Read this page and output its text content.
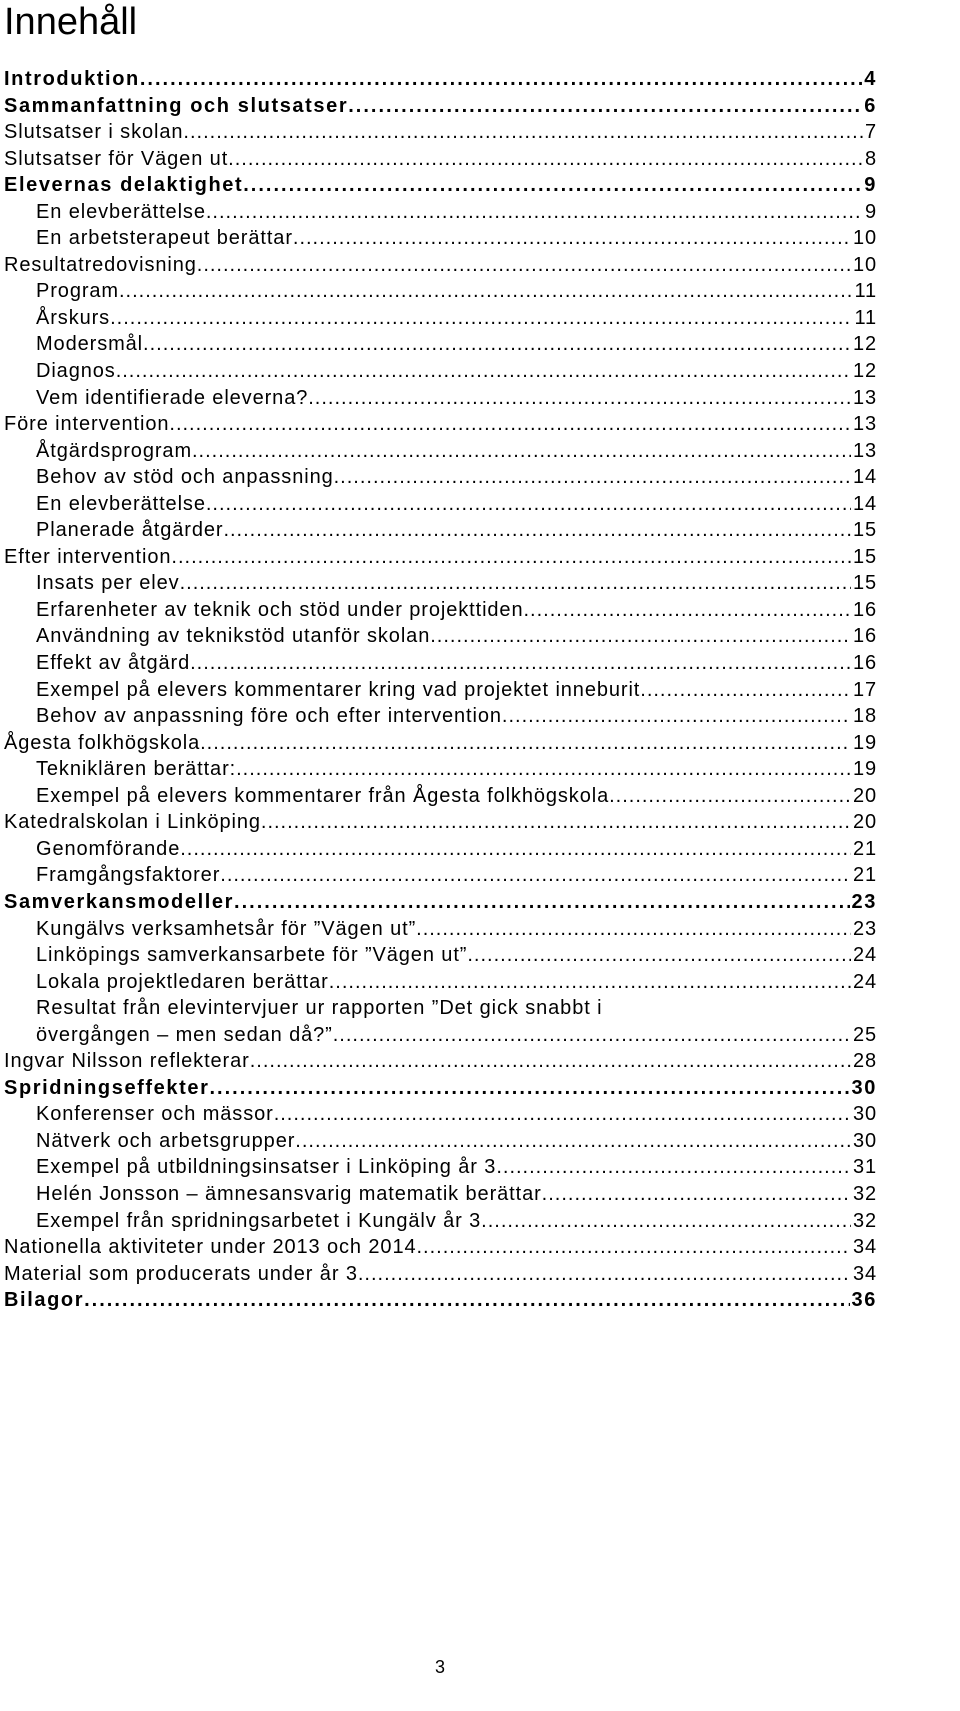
Innehåll
Introduktion .....	4
Sammanfattning och slutsatser .....	6
Slutsatser i skolan .....	7
Slutsatser för Vägen ut .....	8
Elevernas delaktighet .....	9
En elevberättelse .....	9
En arbetsterapeut berättar .....	10
Resultatredovisning .....	10
Program .....	11
Årskurs .....	11
Modersmål .....	12
Diagnos .....	12
Vem identifierade eleverna? .....	13
Före intervention .....	13
Åtgärdsprogram .....	13
Behov av stöd och anpassning .....	14
En elevberättelse .....	14
Planerade åtgärder .....	15
Efter intervention .....	15
Insats per elev .....	15
Erfarenheter av teknik och stöd under projekttiden .....	16
Användning av teknikstöd utanför skolan .....	16
Effekt av åtgärd .....	16
Exempel på elevers kommentarer kring vad projektet inneburit .....	17
Behov av anpassning före och efter intervention .....	18
Ågesta folkhögskola .....	19
Tekniklären berättar: .....	19
Exempel på elevers kommentarer från Ågesta folkhögskola .....	20
Katedralskolan i Linköping .....	20
Genomförande .....	21
Framgångsfaktorer .....	21
Samverkansmodeller .....	23
Kungälvs verksamhetsår för ”Vägen ut” .....	23
Linköpings samverkansarbete för ”Vägen ut” .....	24
Lokala projektledaren berättar .....	24
Resultat från elevintervjuer ur rapporten ”Det gick snabbt i
övergången – men sedan då?” .....	25
Ingvar Nilsson reflekterar .....	28
Spridningseffekter .....	30
Konferenser och mässor .....	30
Nätverk och arbetsgrupper .....	30
Exempel på utbildningsinsatser i Linköping år 3 .....	31
Helén Jonsson – ämnesansvarig matematik berättar .....	32
Exempel från spridningsarbetet i Kungälv år 3 .....	32
Nationella aktiviteter under 2013 och 2014 .....	34
Material som producerats under år 3 .....	34
Bilagor .....	36
3
